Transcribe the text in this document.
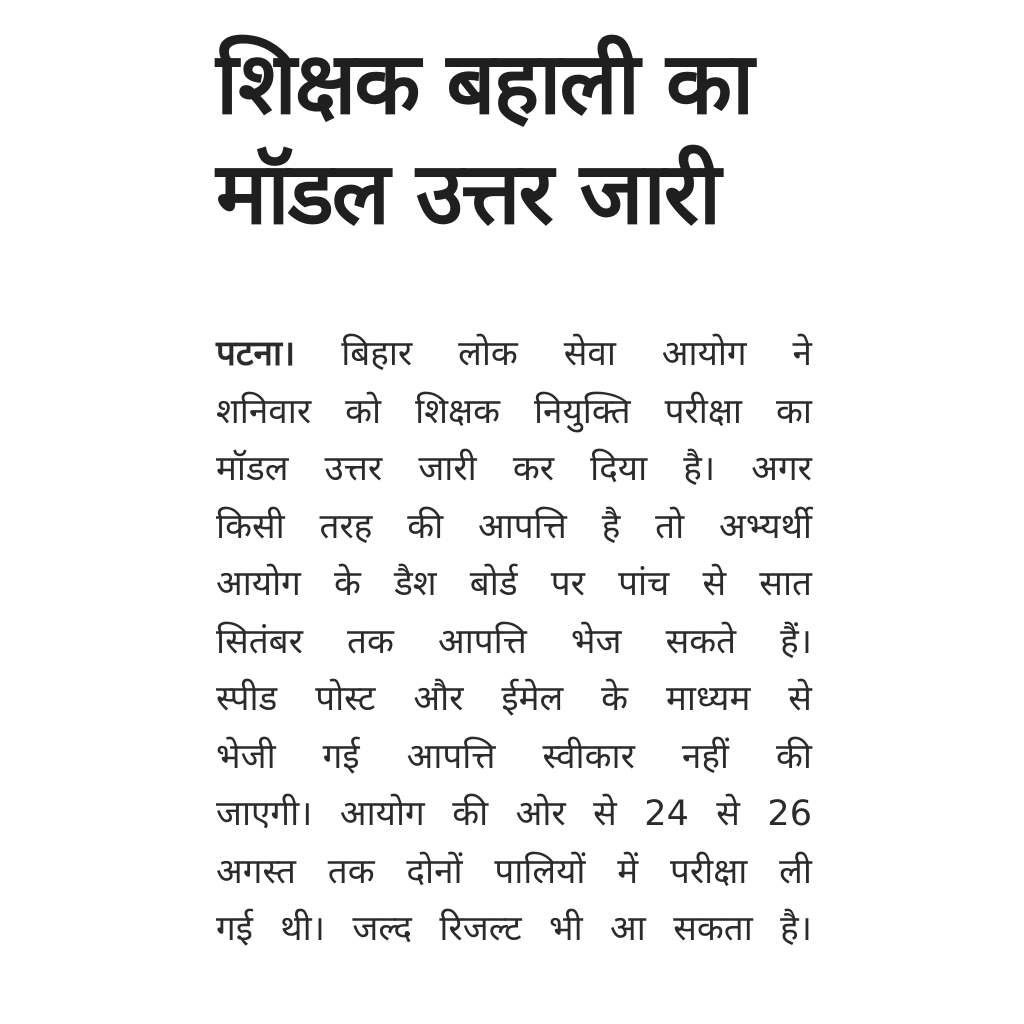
शिक्षक बहाली का
मॉडल उत्तर जारी
पटना। बिहार लोक सेवा आयोग ने
शनिवार को शिक्षक नियुक्ति परीक्षा का
मॉडल उत्तर जारी कर दिया है। अगर
किसी तरह की आपत्ति है तो अभ्यर्थी
आयोग के डैश बोर्ड पर पांच से सात
सितंबर तक आपत्ति भेज सकते हैं।
स्पीड पोस्ट और ईमेल के माध्यम से
भेजी गई आपत्ति स्वीकार नहीं की
जाएगी। आयोग की ओर से 24 से 26
अगस्त तक दोनों पालियों में परीक्षा ली
गई थी। जल्द रिजल्ट भी आ सकता है।
